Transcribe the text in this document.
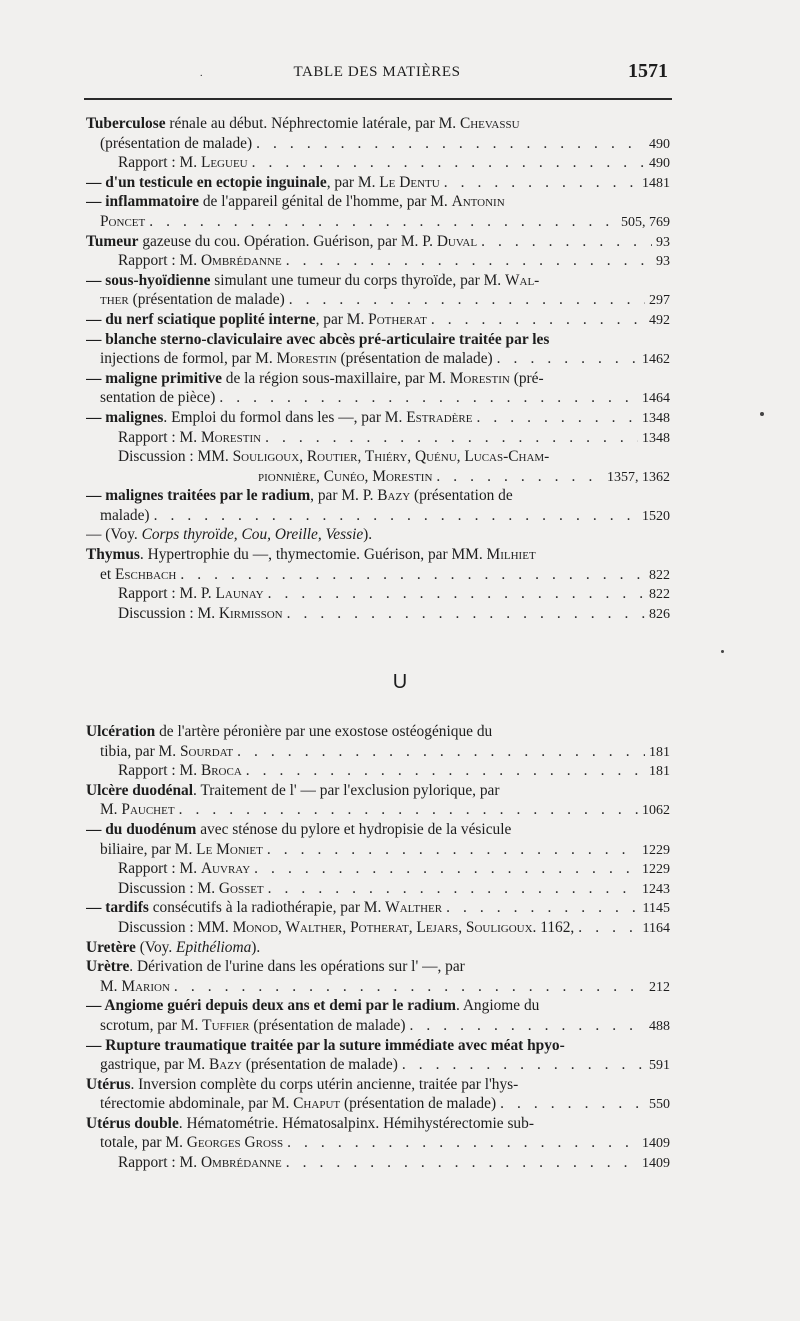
.	TABLE DES MATIÈRES	1571
Tuberculose rénale au début. Néphrectomie latérale, par M. Chevassu
(présentation de malade) . . .	490
Rapport : M. Legueu . . .	490
— d'un testicule en ectopie inguinale, par M. Le Dentu . . .	1481
— inflammatoire de l'appareil génital de l'homme, par M. Antonin
Poncet . . .	505, 769
Tumeur gazeuse du cou. Opération. Guérison, par M. P. Duval . . .	93
Rapport : M. Ombrédanne . . .	93
— sous-hyoïdienne simulant une tumeur du corps thyroïde, par M. Wal-
ther (présentation de malade) . . .	297
— du nerf sciatique poplité interne, par M. Potherat . . .	492
— blanche sterno-claviculaire avec abcès pré-articulaire traitée par les
injections de formol, par M. Morestin (présentation de malade) . . .	1462
— maligne primitive de la région sous-maxillaire, par M. Morestin (pré-
sentation de pièce) . . .	1464
— malignes. Emploi du formol dans les —, par M. Estradère . . .	1348
Rapport : M. Morestin . . .	1348
Discussion : MM. Souligoux, Routier, Thiéry, Quénu, Lucas-Cham-
pionnière, Cunéo, Morestin . . .	1357, 1362
— malignes traitées par le radium, par M. P. Bazy (présentation de
malade) . . .	1520
— (Voy. Corps thyroïde, Cou, Oreille, Vessie).
Thymus. Hypertrophie du —, thymectomie. Guérison, par MM. Milhiet
et Eschbach . . .	822
Rapport : M. P. Launay . . .	822
Discussion : M. Kirmisson . . .	826
U
Ulcération de l'artère péronière par une exostose ostéogénique du
tibia, par M. Sourdat . . .	181
Rapport : M. Broca . . .	181
Ulcère duodénal. Traitement de l' — par l'exclusion pylorique, par
M. Pauchet . . .	1062
— du duodénum avec sténose du pylore et hydropisie de la vésicule
biliaire, par M. Le Moniet . . .	1229
Rapport : M. Auvray . . .	1229
Discussion : M. Gosset . . .	1243
— tardifs consécutifs à la radiothérapie, par M. Walther . . .	1145
Discussion : MM. Monod, Walther, Potherat, Lejars, Souligoux. 1162, . . .	1164
Uretère (Voy. Epithélioma).
Urètre. Dérivation de l'urine dans les opérations sur l' —, par
M. Marion . . .	212
— Angiome guéri depuis deux ans et demi par le radium. Angiome du
scrotum, par M. Tuffier (présentation de malade) . . .	488
— Rupture traumatique traitée par la suture immédiate avec méat hpyo-
gastrique, par M. Bazy (présentation de malade) . . .	591
Utérus. Inversion complète du corps utérin ancienne, traitée par l'hys-
térectomie abdominale, par M. Chaput (présentation de malade) . . .	550
Utérus double. Hématométrie. Hématosalpinx. Hémihystérectomie sub-
totale, par M. Georges Gross . . .	1409
Rapport : M. Ombrédanne . . .	1409
